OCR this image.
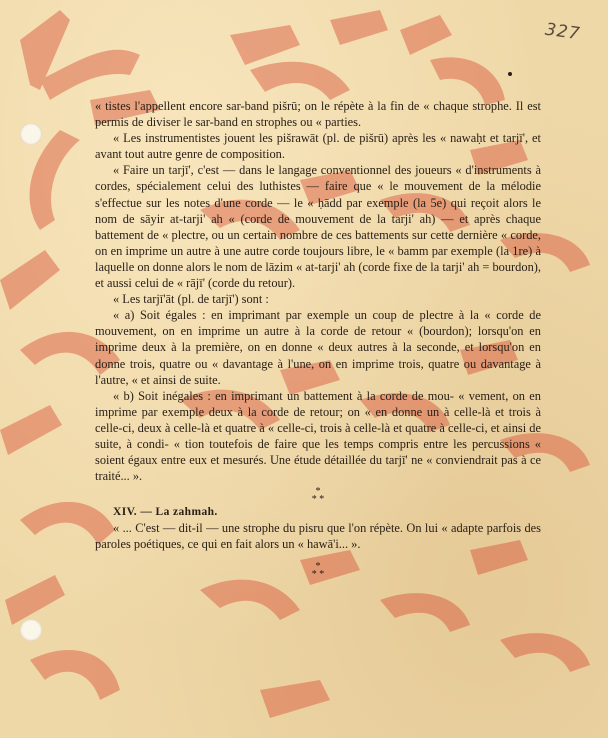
327

« tistes l'appellent encore sar-band pišrū; on le répète à la fin de « chaque strophe. Il est permis de diviser le sar-band en strophes ou « parties.

« Les instrumentistes jouent les pišrawāt (pl. de pišrū) après les « nawaḥt et tarjī', et avant tout autre genre de composition.

« Faire un tarjī', c'est — dans le langage conventionnel des joueurs « d'instruments à cordes, spécialement celui des luthistes — faire que « le mouvement de la mélodie s'effectue sur les notes d'une corde — le « ḥādd par exemple (la 5e) qui reçoit alors le nom de sāyir at-tarji' ah « (corde de mouvement de la tarji' ah) — et après chaque battement de « plectre, ou un certain nombre de ces battements sur cette dernière « corde, on en imprime un autre à une autre corde toujours libre, le « bamm par exemple (la 1re) à laquelle on donne alors le nom de lāzim « at-tarji' ah (corde fixe de la tarji' ah = bourdon), et aussi celui de « rājī' (corde du retour).

« Les tarjī'āt (pl. de tarjī') sont :

« a) Soit égales : en imprimant par exemple un coup de plectre à la « corde de mouvement, on en imprime un autre à la corde de retour « (bourdon); lorsqu'on en imprime deux à la première, on en donne « deux autres à la seconde, et lorsqu'on en donne trois, quatre ou « davantage à l'une, on en imprime trois, quatre ou davantage à l'autre, « et ainsi de suite.

« b) Soit inégales : en imprimant un battement à la corde de mou- « vement, on en imprime par exemple deux à la corde de retour; on « en donne un à celle-là et trois à celle-ci, deux à celle-là et quatre à « celle-ci, trois à celle-là et quatre à celle-ci, et ainsi de suite, à condi- « tion toutefois de faire que les temps compris entre les percussions « soient égaux entre eux et mesurés. Une étude détaillée du tarjī' ne « conviendrait pas à ce traité... ».

*
* *

XIV. — La zahmah.

« ... C'est — dit-il — une strophe du pisru que l'on répète. On lui « adapte parfois des paroles poétiques, ce qui en fait alors un « hawā'i... ».

*
* *
